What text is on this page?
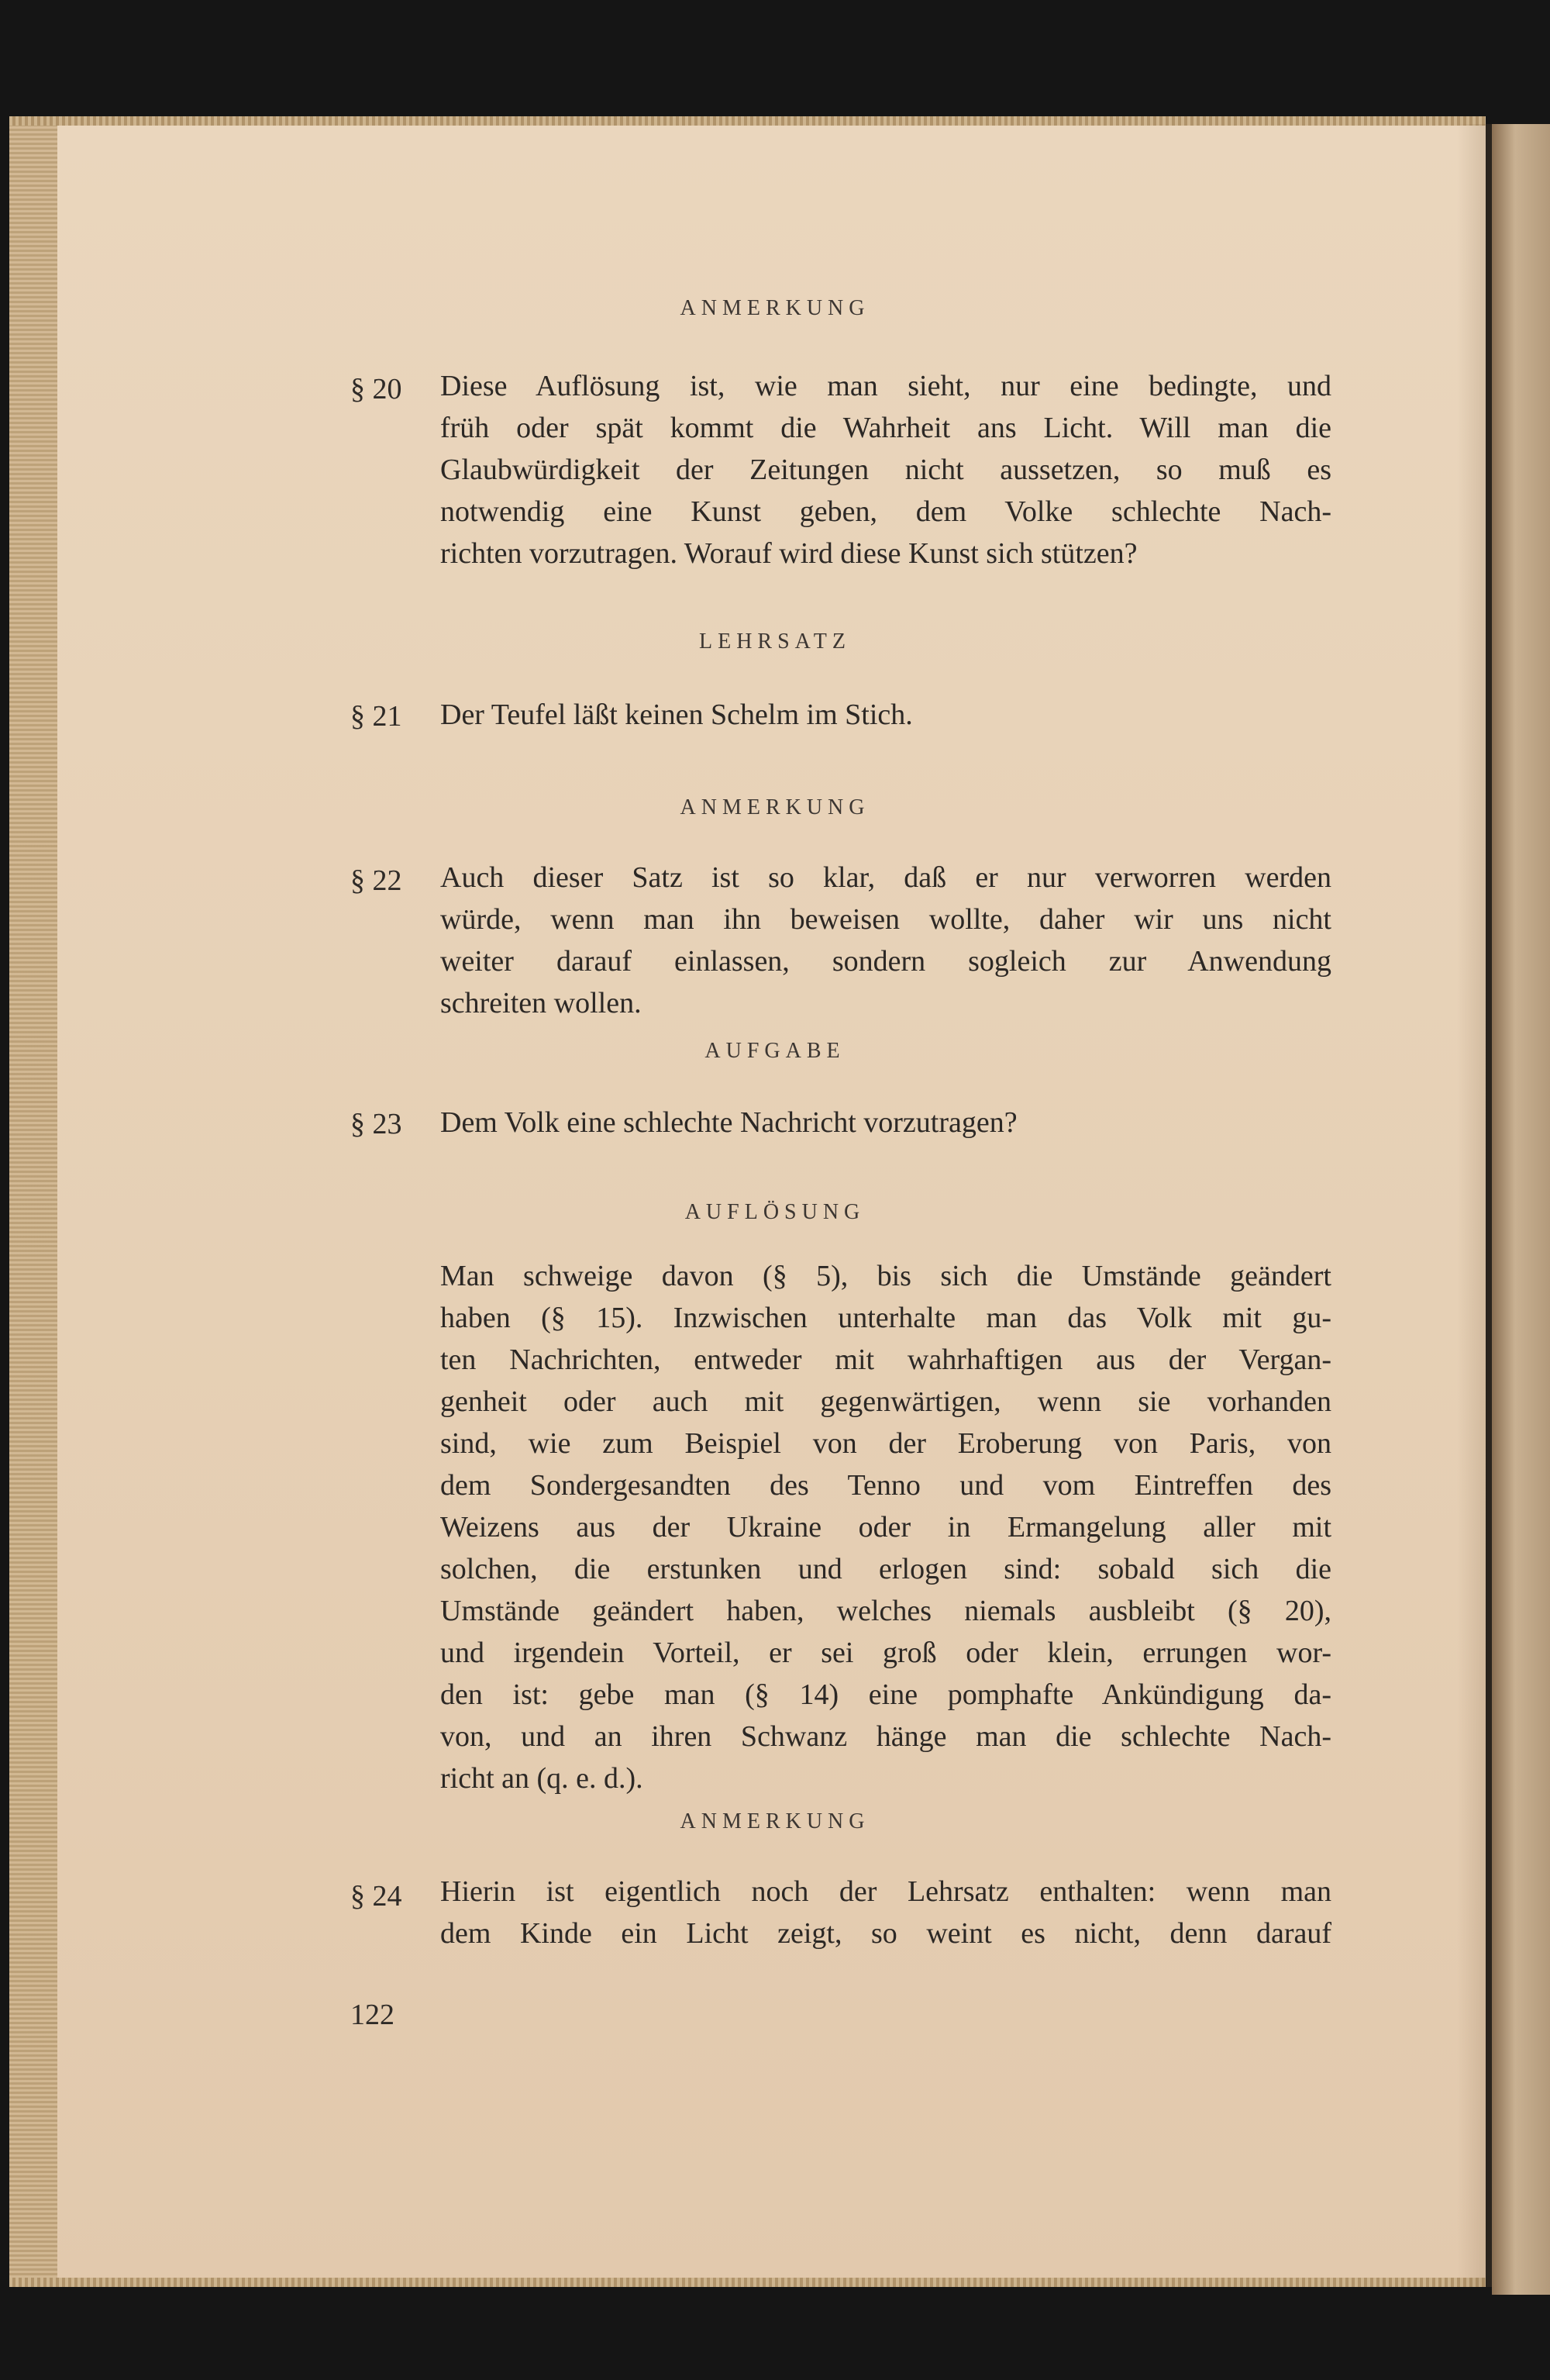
ANMERKUNG
§ 20	Diese Auflösung ist, wie man sieht, nur eine bedingte, und
früh oder spät kommt die Wahrheit ans Licht. Will man die
Glaubwürdigkeit der Zeitungen nicht aussetzen, so muß es
notwendig eine Kunst geben, dem Volke schlechte Nach-
richten vorzutragen. Worauf wird diese Kunst sich stützen?
LEHRSATZ
§ 21	Der Teufel läßt keinen Schelm im Stich.
ANMERKUNG
§ 22	Auch dieser Satz ist so klar, daß er nur verworren werden
würde, wenn man ihn beweisen wollte, daher wir uns nicht
weiter darauf einlassen, sondern sogleich zur Anwendung
schreiten wollen.
AUFGABE
§ 23	Dem Volk eine schlechte Nachricht vorzutragen?
AUFLÖSUNG
Man schweige davon (§ 5), bis sich die Umstände geändert
haben (§ 15). Inzwischen unterhalte man das Volk mit gu-
ten Nachrichten, entweder mit wahrhaftigen aus der Vergan-
genheit oder auch mit gegenwärtigen, wenn sie vorhanden
sind, wie zum Beispiel von der Eroberung von Paris, von
dem Sondergesandten des Tenno und vom Eintreffen des
Weizens aus der Ukraine oder in Ermangelung aller mit
solchen, die erstunken und erlogen sind: sobald sich die
Umstände geändert haben, welches niemals ausbleibt (§ 20),
und irgendein Vorteil, er sei groß oder klein, errungen wor-
den ist: gebe man (§ 14) eine pomphafte Ankündigung da-
von, und an ihren Schwanz hänge man die schlechte Nach-
richt an (q. e. d.).
ANMERKUNG
§ 24	Hierin ist eigentlich noch der Lehrsatz enthalten: wenn man
dem Kinde ein Licht zeigt, so weint es nicht, denn darauf
122
